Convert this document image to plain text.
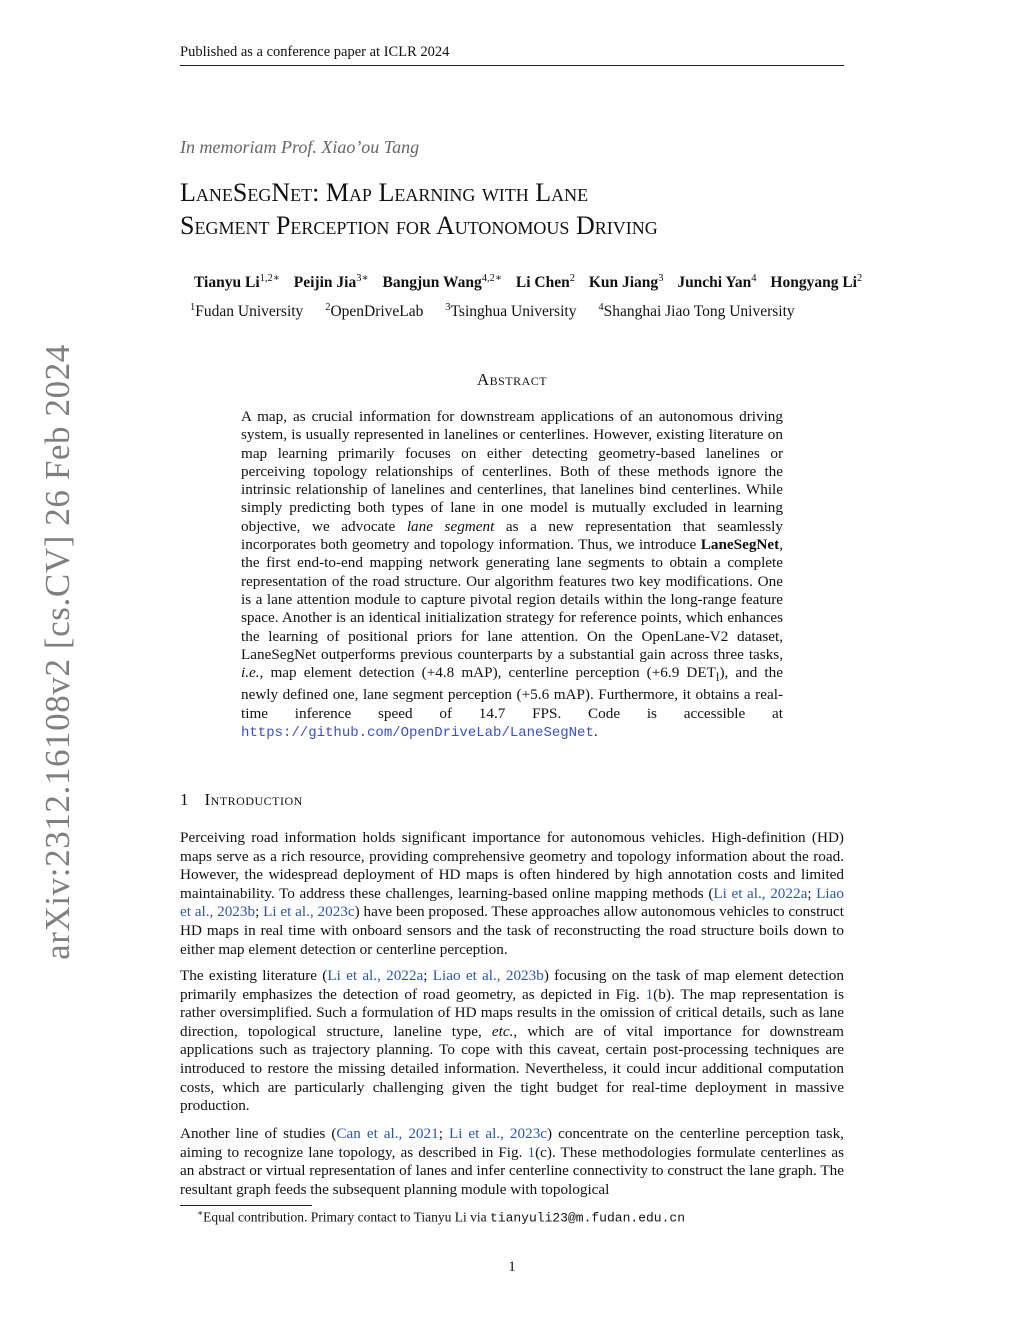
Published as a conference paper at ICLR 2024
arXiv:2312.16108v2 [cs.CV] 26 Feb 2024
In memoriam Prof. Xiao’ou Tang
LaneSegNet: Map Learning with Lane
Segment Perception for Autonomous Driving
Tianyu $Li^{1,2∗}$ Peijin Jia$^{3∗}$ Bangjun Wang$^{4,2∗}$ Li Chen$^2$ Kun Jiang$^3$ Junchi Yan$^4$ Hongyang Li$^2$
$^1$Fudan University $^2$OpenDriveLab $^3$Tsinghua University $^4$Shanghai Jiao Tong University
Abstract
A map, as crucial information for downstream applications of an autonomous driving system, is usually represented in lanelines or centerlines. However, existing literature on map learning primarily focuses on either detecting geometry-based lanelines or perceiving topology relationships of centerlines. Both of these methods ignore the intrinsic relationship of lanelines and centerlines, that lanelines bind centerlines. While simply predicting both types of lane in one model is mutually excluded in learning objective, we advocate lane segment as a new representation that seamlessly incorporates both geometry and topology information. Thus, we introduce LaneSegNet, the first end-to-end mapping network generating lane segments to obtain a complete representation of the road structure. Our algorithm features two key modifications. One is a lane attention module to capture pivotal region details within the long-range feature space. Another is an identical initialization strategy for reference points, which enhances the learning of positional priors for lane attention. On the OpenLane-V2 dataset, LaneSegNet outperforms previous counterparts by a substantial gain across three tasks, i.e., map element detection (+4.8 mAP), centerline perception (+6.9 $DET_l$), and the newly defined one, lane segment perception (+5.6 mAP). Furthermore, it obtains a real-time inference speed of 14.7 FPS. Code is accessible at https://github.com/OpenDriveLab/LaneSegNet.
1 Introduction
Perceiving road information holds significant importance for autonomous vehicles. High-definition (HD) maps serve as a rich resource, providing comprehensive geometry and topology information about the road. However, the widespread deployment of HD maps is often hindered by high annotation costs and limited maintainability. To address these challenges, learning-based online mapping methods (Li et al., 2022a; Liao et al., 2023b; Li et al., 2023c) have been proposed. These approaches allow autonomous vehicles to construct HD maps in real time with onboard sensors and the task of reconstructing the road structure boils down to either map element detection or centerline perception.
The existing literature (Li et al., 2022a; Liao et al., 2023b) focusing on the task of map element detection primarily emphasizes the detection of road geometry, as depicted in Fig. 1(b). The map representation is rather oversimplified. Such a formulation of HD maps results in the omission of critical details, such as lane direction, topological structure, laneline type, etc., which are of vital importance for downstream applications such as trajectory planning. To cope with this caveat, certain post-processing techniques are introduced to restore the missing detailed information. Nevertheless, it could incur additional computation costs, which are particularly challenging given the tight budget for real-time deployment in massive production.
Another line of studies (Can et al., 2021; Li et al., 2023c) concentrate on the centerline perception task, aiming to recognize lane topology, as described in Fig. 1(c). These methodologies formulate centerlines as an abstract or virtual representation of lanes and infer centerline connectivity to construct the lane graph. The resultant graph feeds the subsequent planning module with topological
∗Equal contribution. Primary contact to Tianyu Li via tianyuli23@m.fudan.edu.cn
1
